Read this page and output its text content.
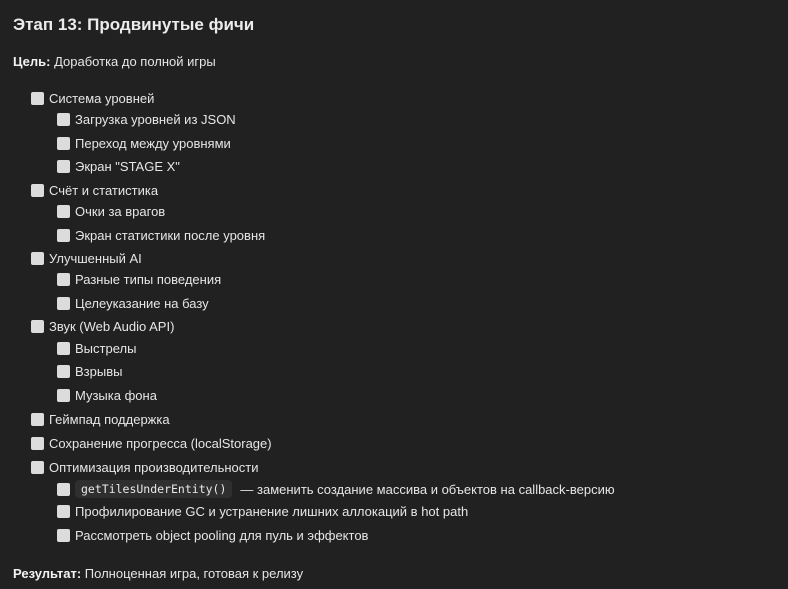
Этап 13: Продвинутые фичи
Цель: Доработка до полной игры
Система уровней
Загрузка уровней из JSON
Переход между уровнями
Экран "STAGE X"
Счёт и статистика
Очки за врагов
Экран статистики после уровня
Улучшенный AI
Разные типы поведения
Целеуказание на базу
Звук (Web Audio API)
Выстрелы
Взрывы
Музыка фона
Геймпад поддержка
Сохранение прогресса (localStorage)
Оптимизация производительности
getTilesUnderEntity()	— заменить создание массива и объектов на callback-версию
Профилирование GC и устранение лишних аллокаций в hot path
Рассмотреть object pooling для пуль и эффектов
Результат: Полноценная игра, готовая к релизу
